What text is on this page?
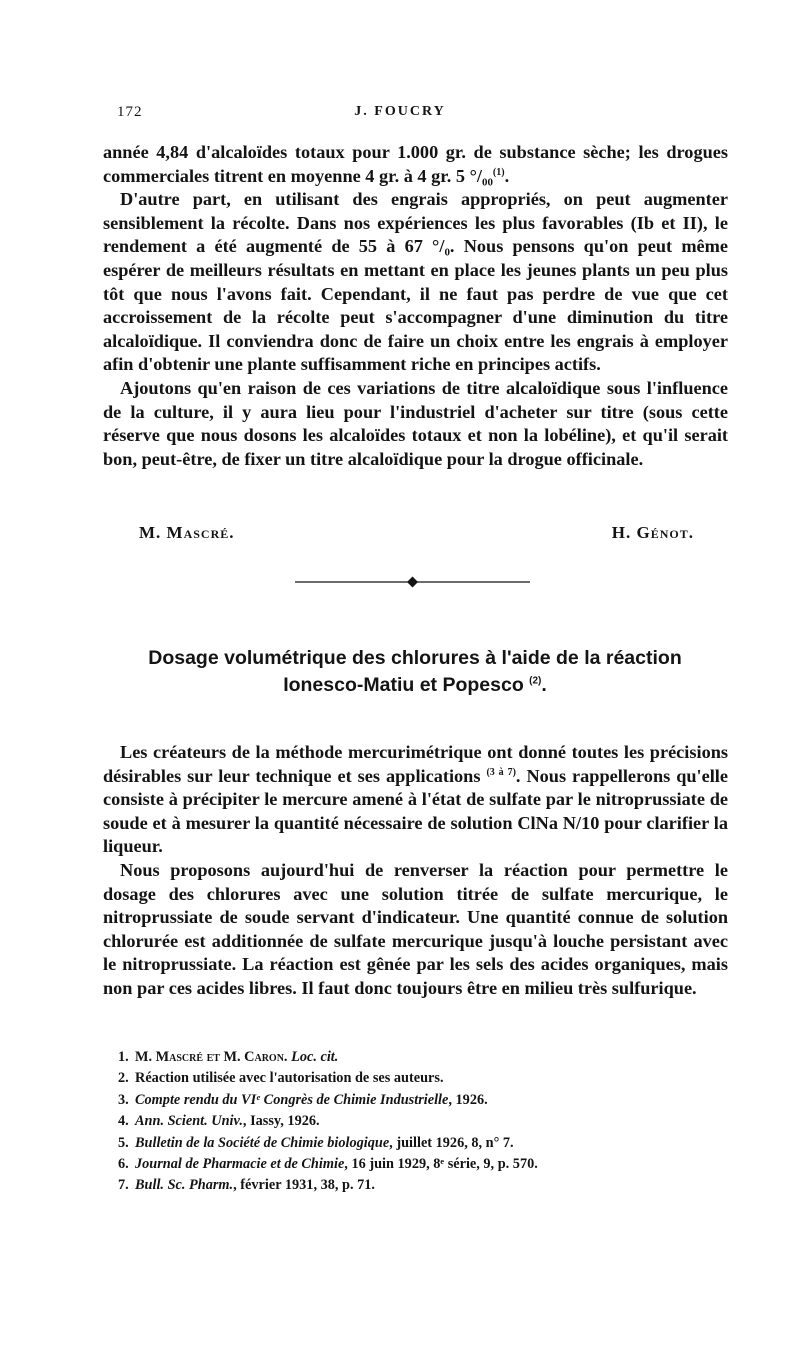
172	J. FOUCRY

année 4,84 d'alcaloïdes totaux pour 1.000 gr. de substance sèche; les drogues commerciales titrent en moyenne 4 gr. à 4 gr. 5 °/₀₀$^{(1)}$.

D'autre part, en utilisant des engrais appropriés, on peut augmenter sensiblement la récolte. Dans nos expériences les plus favorables (Ib et II), le rendement a été augmenté de 55 à 67 °/₀. Nous pensons qu'on peut même espérer de meilleurs résultats en mettant en place les jeunes plants un peu plus tôt que nous l'avons fait. Cependant, il ne faut pas perdre de vue que cet accroissement de la récolte peut s'accompagner d'une diminution du titre alcaloïdique. Il conviendra donc de faire un choix entre les engrais à employer afin d'obtenir une plante suffisamment riche en principes actifs.

Ajoutons qu'en raison de ces variations de titre alcaloïdique sous l'influence de la culture, il y aura lieu pour l'industriel d'acheter sur titre (sous cette réserve que nous dosons les alcaloïdes totaux et non la lobéline), et qu'il serait bon, peut-être, de fixer un titre alcaloïdique pour la drogue officinale.

M. Mascré.	H. Génot.
Dosage volumétrique des chlorures à l'aide de la réaction
Ionesco-Matiu et Popesco $^{(2)}$.

Les créateurs de la méthode mercurimétrique ont donné toutes les précisions désirables sur leur technique et ses applications $^{(3 à 7)}$. Nous rappellerons qu'elle consiste à précipiter le mercure amené à l'état de sulfate par le nitroprussiate de soude et à mesurer la quantité nécessaire de solution ClNa N/10 pour clarifier la liqueur.

Nous proposons aujourd'hui de renverser la réaction pour permettre le dosage des chlorures avec une solution titrée de sulfate mercurique, le nitroprussiate de soude servant d'indicateur. Une quantité connue de solution chlorurée est additionnée de sulfate mercurique jusqu'à louche persistant avec le nitroprussiate. La réaction est gênée par les sels des acides organiques, mais non par ces acides libres. Il faut donc toujours être en milieu très sulfurique.

1. M. Mascré et M. Caron. Loc. cit.
2. Réaction utilisée avec l'autorisation de ses auteurs.
3. Compte rendu du VIᵉ Congrès de Chimie Industrielle, 1926.
4. Ann. Scient. Univ., Iassy, 1926.
5. Bulletin de la Société de Chimie biologique, juillet 1926, 8, n° 7.
6. Journal de Pharmacie et de Chimie, 16 juin 1929, 8ᵉ série, 9, p. 570.
7. Bull. Sc. Pharm., février 1931, 38, p. 71.
